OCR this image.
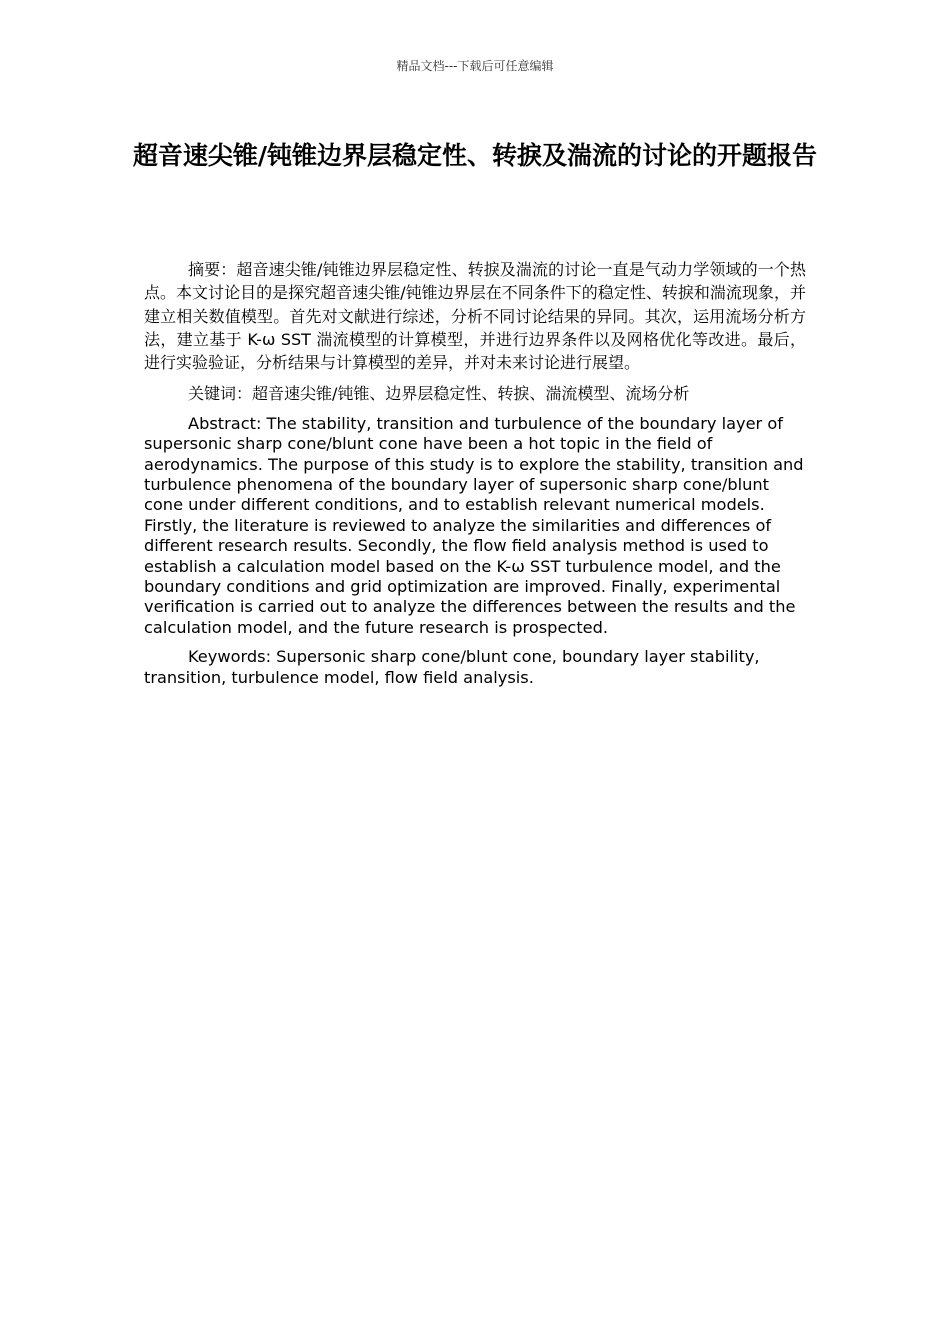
精品文档---下载后可任意编辑
超音速尖锥/钝锥边界层稳定性、转捩及湍流的讨论的开题报告

摘要：超音速尖锥/钝锥边界层稳定性、转捩及湍流的讨论一直是气动力学领域的一个热点。本文讨论目的是探究超音速尖锥/钝锥边界层在不同条件下的稳定性、转捩和湍流现象，并建立相关数值模型。首先对文献进行综述，分析不同讨论结果的异同。其次，运用流场分析方法，建立基于 K-ω SST 湍流模型的计算模型，并进行边界条件以及网格优化等改进。最后，进行实验验证，分析结果与计算模型的差异，并对未来讨论进行展望。

关键词：超音速尖锥/钝锥、边界层稳定性、转捩、湍流模型、流场分析

Abstract: The stability, transition and turbulence of the boundary layer of supersonic sharp cone/blunt cone have been a hot topic in the field of aerodynamics. The purpose of this study is to explore the stability, transition and turbulence phenomena of the boundary layer of supersonic sharp cone/blunt cone under different conditions, and to establish relevant numerical models. Firstly, the literature is reviewed to analyze the similarities and differences of different research results. Secondly, the flow field analysis method is used to establish a calculation model based on the K-ω SST turbulence model, and the boundary conditions and grid optimization are improved. Finally, experimental verification is carried out to analyze the differences between the results and the calculation model, and the future research is prospected.

Keywords: Supersonic sharp cone/blunt cone, boundary layer stability, transition, turbulence model, flow field analysis.
